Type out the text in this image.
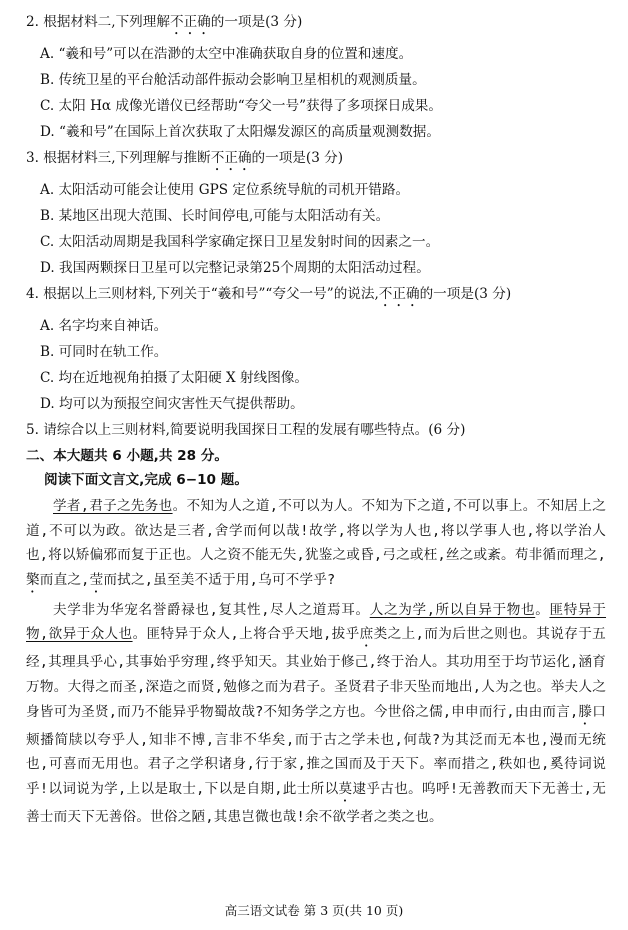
2. 根据材料二,下列理解不正确的一项是(3 分)
A. “羲和号”可以在浩渺的太空中准确获取自身的位置和速度。
B. 传统卫星的平台舱活动部件振动会影响卫星相机的观测质量。
C. 太阳 Hα 成像光谱仪已经帮助“夸父一号”获得了多项探日成果。
D. “羲和号”在国际上首次获取了太阳爆发源区的高质量观测数据。
3. 根据材料三,下列理解与推断不正确的一项是(3 分)
A. 太阳活动可能会让使用 GPS 定位系统导航的司机开错路。
B. 某地区出现大范围、长时间停电,可能与太阳活动有关。
C. 太阳活动周期是我国科学家确定探日卫星发射时间的因素之一。
D. 我国两颗探日卫星可以完整记录第25个周期的太阳活动过程。
4. 根据以上三则材料,下列关于“羲和号”“夸父一号”的说法,不正确的一项是(3 分)
A. 名字均来自神话。
B. 可同时在轨工作。
C. 均在近地视角拍摄了太阳硬 X 射线图像。
D. 均可以为预报空间灾害性天气提供帮助。
5. 请综合以上三则材料,简要说明我国探日工程的发展有哪些特点。(6 分)
二、本大题共 6 小题,共 28 分。
阅读下面文言文,完成 6−10 题。
学者,君子之先务也。不知为人之道,不可以为人。不知为下之道,不可以事上。不知居上之道,不可以为政。欲达是三者,舍学而何以哉!故学,将以学为人也,将以学事人也,将以学治人也,将以矫偏邪而复于正也。人之资不能无失,犹鉴之或昏,弓之或枉,丝之或紊。苟非循而理之,檠而直之,莹而拭之,虽至美不适于用,乌可不学乎?
夫学非为华宠名誉爵禄也,复其性,尽人之道焉耳。人之为学,所以自异于物也。匪特异于物,欲异于众人也。匪特异于众人,上将合乎天地,拔乎庶类之上,而为后世之则也。其说存于五经,其理具乎心,其事始乎穷理,终乎知天。其业始于修己,终于治人。其功用至于均节运化,涵育万物。大得之而圣,深造之而贤,勉修之而为君子。圣贤君子非天坠而地出,人为之也。举夫人之身皆可为圣贤,而乃不能异乎物蜀故哉?不知务学之方也。今世俗之儒,申申而行,由由而言,滕口颊播简牍以夸乎人,知非不博,言非不华矣,而于古之学未也,何哉?为其泛而无本也,漫而无统也,可喜而无用也。君子之学积诸身,行于家,推之国而及于天下。率而措之,秩如也,奚待词说乎!以词说为学,上以是取士,下以是自期,此士所以莫逮乎古也。呜呼!无善教而天下无善士,无善士而天下无善俗。世俗之陋,其患岂微也哉!余不欲学者之类之也。
高三语文试卷 第 3 页(共 10 页)
